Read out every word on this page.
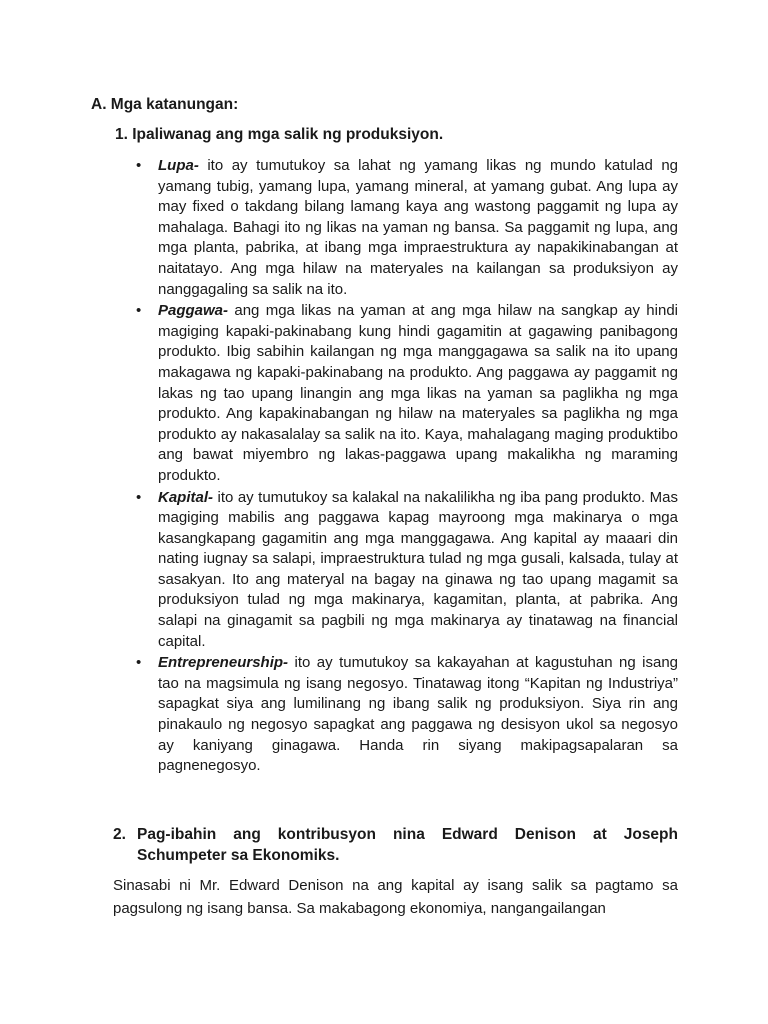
A. Mga katanungan:

1. Ipaliwanag ang mga salik ng produksiyon.

• Lupa- ito ay tumutukoy sa lahat ng yamang likas ng mundo katulad ng yamang tubig, yamang lupa, yamang mineral, at yamang gubat. Ang lupa ay may fixed o takdang bilang lamang kaya ang wastong paggamit ng lupa ay mahalaga. Bahagi ito ng likas na yaman ng bansa. Sa paggamit ng lupa, ang mga planta, pabrika, at ibang mga impraestruktura ay napakikinabangan at naitatayo. Ang mga hilaw na materyales na kailangan sa produksiyon ay nanggagaling sa salik na ito.
• Paggawa- ang mga likas na yaman at ang mga hilaw na sangkap ay hindi magiging kapaki-pakinabang kung hindi gagamitin at gagawing panibagong produkto. Ibig sabihin kailangan ng mga manggagawa sa salik na ito upang makagawa ng kapaki-pakinabang na produkto. Ang paggawa ay paggamit ng lakas ng tao upang linangin ang mga likas na yaman sa paglikha ng mga produkto. Ang kapakinabangan ng hilaw na materyales sa paglikha ng mga produkto ay nakasalalay sa salik na ito. Kaya, mahalagang maging produktibo ang bawat miyembro ng lakas-paggawa upang makalikha ng maraming produkto.
• Kapital- ito ay tumutukoy sa kalakal na nakalilikha ng iba pang produkto. Mas magiging mabilis ang paggawa kapag mayroong mga makinarya o mga kasangkapang gagamitin ang mga manggagawa. Ang kapital ay maaari din nating iugnay sa salapi, impraestruktura tulad ng mga gusali, kalsada, tulay at sasakyan. Ito ang materyal na bagay na ginawa ng tao upang magamit sa produksiyon tulad ng mga makinarya, kagamitan, planta, at pabrika. Ang salapi na ginagamit sa pagbili ng mga makinarya ay tinatawag na financial capital.
• Entrepreneurship- ito ay tumutukoy sa kakayahan at kagustuhan ng isang tao na magsimula ng isang negosyo. Tinatawag itong “Kapitan ng Industriya” sapagkat siya ang lumilinang ng ibang salik ng produksiyon. Siya rin ang pinakaulo ng negosyo sapagkat ang paggawa ng desisyon ukol sa negosyo ay kaniyang ginagawa. Handa rin siyang makipagsapalaran sa pagnenegosyo.
2. Pag-ibahin ang kontribusyon nina Edward Denison at Joseph Schumpeter sa Ekonomiks.

Sinasabi ni Mr. Edward Denison na ang kapital ay isang salik sa pagtamo sa pagsulong ng isang bansa. Sa makabagong ekonomiya, nangangailangan
